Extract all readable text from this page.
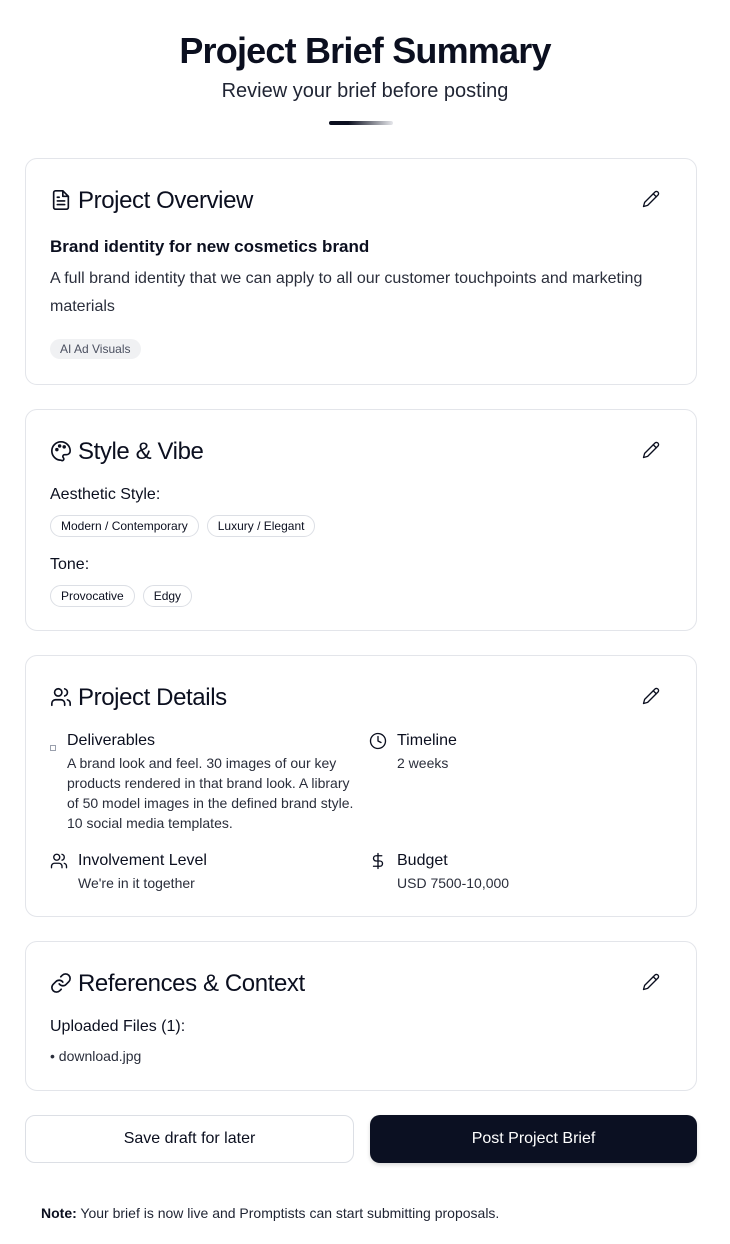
Project Brief Summary
Review your brief before posting
Project Overview
Brand identity for new cosmetics brand
A full brand identity that we can apply to all our customer touchpoints and marketing materials
AI Ad Visuals
Style & Vibe
Aesthetic Style:
Modern / Contemporary	Luxury / Elegant
Tone:
Provocative	Edgy
Project Details
Deliverables
A brand look and feel. 30 images of our key products rendered in that brand look. A library of 50 model images in the defined brand style. 10 social media templates.
Timeline
2 weeks
Involvement Level
We're in it together
Budget
USD 7500-10,000
References & Context
Uploaded Files (1):
• download.jpg
Save draft for later	Post Project Brief
Note: Your brief is now live and Promptists can start submitting proposals.
